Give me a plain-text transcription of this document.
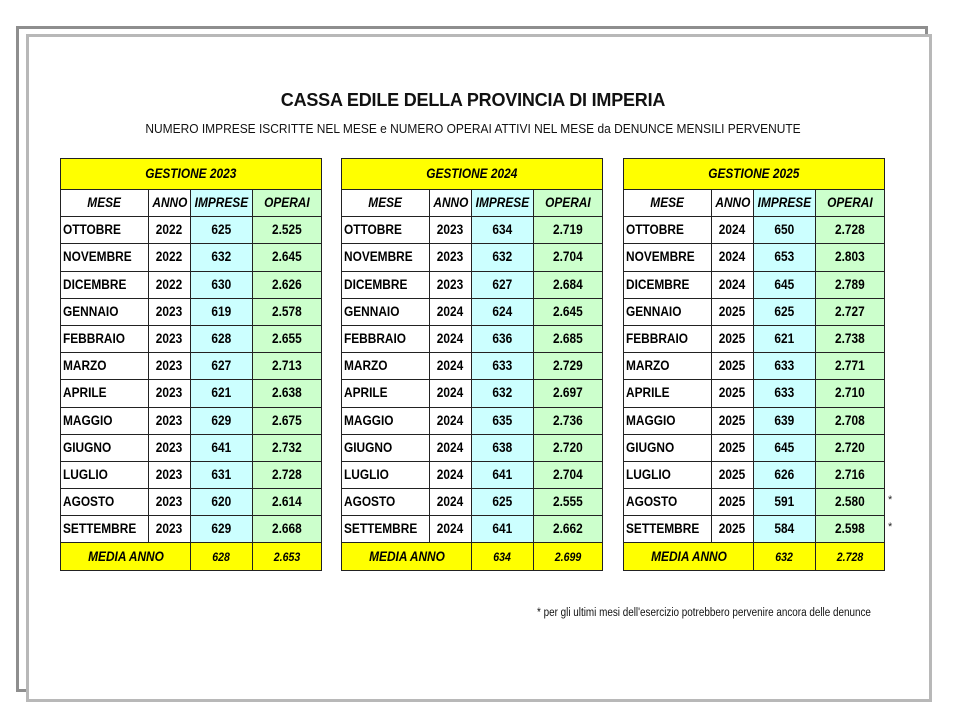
CASSA EDILE DELLA PROVINCIA DI IMPERIA
NUMERO IMPRESE ISCRITTE NEL MESE e NUMERO OPERAI ATTIVI NEL MESE da DENUNCE MENSILI PERVENUTE
GESTIONE 2023			
MESE	ANNO	IMPRESE	OPERAI
OTTOBRE	2022	625	2.525
NOVEMBRE	2022	632	2.645
DICEMBRE	2022	630	2.626
GENNAIO	2023	619	2.578
FEBBRAIO	2023	628	2.655
MARZO	2023	627	2.713
APRILE	2023	621	2.638
MAGGIO	2023	629	2.675
GIUGNO	2023	641	2.732
LUGLIO	2023	631	2.728
AGOSTO	2023	620	2.614
SETTEMBRE	2023	629	2.668
MEDIA ANNO		628	2.653
GESTIONE 2024			
MESE	ANNO	IMPRESE	OPERAI
OTTOBRE	2023	634	2.719
NOVEMBRE	2023	632	2.704
DICEMBRE	2023	627	2.684
GENNAIO	2024	624	2.645
FEBBRAIO	2024	636	2.685
MARZO	2024	633	2.729
APRILE	2024	632	2.697
MAGGIO	2024	635	2.736
GIUGNO	2024	638	2.720
LUGLIO	2024	641	2.704
AGOSTO	2024	625	2.555
SETTEMBRE	2024	641	2.662
MEDIA ANNO		634	2.699
GESTIONE 2025			
MESE	ANNO	IMPRESE	OPERAI
OTTOBRE	2024	650	2.728
NOVEMBRE	2024	653	2.803
DICEMBRE	2024	645	2.789
GENNAIO	2025	625	2.727
FEBBRAIO	2025	621	2.738
MARZO	2025	633	2.771
APRILE	2025	633	2.710
MAGGIO	2025	639	2.708
GIUGNO	2025	645	2.720
LUGLIO	2025	626	2.716
AGOSTO	2025	591	2.580
SETTEMBRE	2025	584	2.598
MEDIA ANNO		632	2.728
*
*
* per gli ultimi mesi dell'esercizio potrebbero pervenire ancora delle denunce
